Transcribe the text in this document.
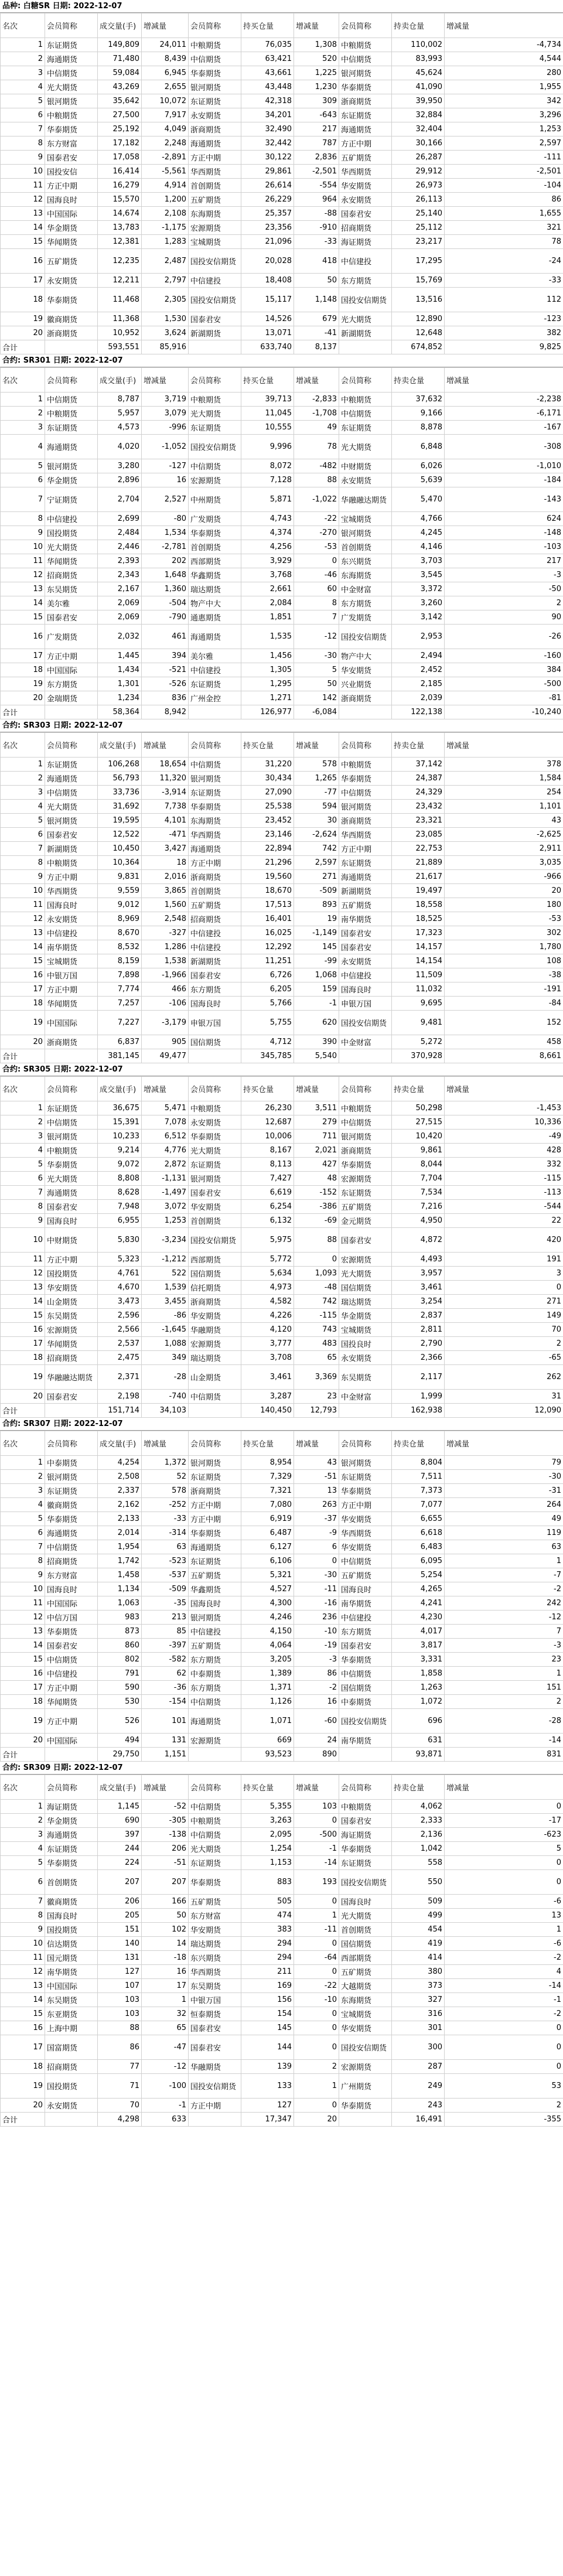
品种: 白糖SR 日期: 2022-12-07
名次	会员简称	成交量(手)	增减量	会员简称	持买仓量	增减量	会员简称	持卖仓量	增减量
1	东证期货	149,809	24,011	中粮期货	76,035	1,308	中粮期货	110,002	-4,734
2	海通期货	71,480	8,439	中信期货	63,421	520	中信期货	83,993	4,544
3	中信期货	59,084	6,945	华泰期货	43,661	1,225	银河期货	45,624	280
4	光大期货	43,269	2,655	银河期货	43,448	1,230	华泰期货	41,090	1,955
5	银河期货	35,642	10,072	东证期货	42,318	309	浙商期货	39,950	342
6	中粮期货	27,500	7,917	永安期货	34,201	-643	东证期货	32,884	3,296
7	华泰期货	25,192	4,049	浙商期货	32,490	217	海通期货	32,404	1,253
8	东方财富	17,182	2,248	海通期货	32,442	787	方正中期	30,166	2,597
9	国泰君安	17,058	-2,891	方正中期	30,122	2,836	五矿期货	26,287	-111
10	国投安信	16,414	-5,561	华西期货	29,861	-2,501	华西期货	29,912	-2,501
11	方正中期	16,279	4,914	首创期货	26,614	-554	华安期货	26,973	-104
12	国海良时	15,570	1,200	五矿期货	26,229	964	永安期货	26,113	86
13	中国国际	14,674	2,108	东海期货	25,357	-88	国泰君安	25,140	1,655
14	华金期货	13,783	-1,175	宏源期货	23,356	-910	招商期货	25,112	321
15	华闻期货	12,381	1,283	宝城期货	21,096	-33	海证期货	23,217	78
16	五矿期货	12,235	2,487	国投安信期货	20,028	418	中信建投	17,295	-24
17	永安期货	12,211	2,797	中信建投	18,408	50	东方期货	15,769	-33
18	华泰期货	11,468	2,305	国投安信期货	15,117	1,148	国投安信期货	13,516	112
19	徽商期货	11,368	1,530	国泰君安	14,526	679	光大期货	12,890	-123
20	浙商期货	10,952	3,624	新湖期货	13,071	-41	新湖期货	12,648	382
合计		593,551	85,916		633,740	8,137		674,852	9,825
合约: SR301 日期: 2022-12-07
名次	会员简称	成交量(手)	增减量	会员简称	持买仓量	增减量	会员简称	持卖仓量	增减量
1	中信期货	8,787	3,719	中粮期货	39,713	-2,833	中粮期货	37,632	-2,238
2	中粮期货	5,957	3,079	光大期货	11,045	-1,708	中信期货	9,166	-6,171
3	东证期货	4,573	-996	东证期货	10,555	49	东证期货	8,878	-167
4	海通期货	4,020	-1,052	国投安信期货	9,996	78	光大期货	6,848	-308
5	银河期货	3,280	-127	中信期货	8,072	-482	中财期货	6,026	-1,010
6	华金期货	2,896	16	宏源期货	7,128	88	永安期货	5,639	-184
7	宁证期货	2,704	2,527	中州期货	5,871	-1,022	华融融达期货	5,470	-143
8	中信建投	2,699	-80	广发期货	4,743	-22	宝城期货	4,766	624
9	国投期货	2,484	1,534	华泰期货	4,374	-270	银河期货	4,245	-148
10	光大期货	2,446	-2,781	首创期货	4,256	-53	首创期货	4,146	-103
11	华闻期货	2,393	202	西部期货	3,929	0	东兴期货	3,703	217
12	招商期货	2,343	1,648	华鑫期货	3,768	-46	东海期货	3,545	-3
13	东吴期货	2,167	1,360	瑞达期货	2,661	60	中金财富	3,372	-50
14	美尔雅	2,069	-504	物产中大	2,084	8	东方期货	3,260	2
15	国泰君安	2,069	-790	通惠期货	1,851	7	广发期货	3,142	90
16	广发期货	2,032	461	海通期货	1,535	-12	国投安信期货	2,953	-26
17	方正中期	1,445	394	美尔雅	1,456	-30	物产中大	2,494	-160
18	中国国际	1,434	-521	中信建投	1,305	5	华安期货	2,452	384
19	东方期货	1,301	-526	东证期货	1,295	50	兴业期货	2,185	-500
20	金瑞期货	1,234	836	广州金控	1,271	142	浙商期货	2,039	-81
合计		58,364	8,942		126,977	-6,084		122,138	-10,240
合约: SR303 日期: 2022-12-07
名次	会员简称	成交量(手)	增减量	会员简称	持买仓量	增减量	会员简称	持卖仓量	增减量
1	东证期货	106,268	18,654	中信期货	31,220	578	中粮期货	37,142	378
2	海通期货	56,793	11,320	银河期货	30,434	1,265	华泰期货	24,387	1,584
3	中信期货	33,736	-3,914	东证期货	27,090	-77	中信期货	24,329	254
4	光大期货	31,692	7,738	华泰期货	25,538	594	银河期货	23,432	1,101
5	银河期货	19,595	4,101	东海期货	23,452	30	浙商期货	23,321	43
6	国泰君安	12,522	-471	华西期货	23,146	-2,624	华西期货	23,085	-2,625
7	新湖期货	10,450	3,427	海通期货	22,894	742	方正中期	22,753	2,911
8	中粮期货	10,364	18	方正中期	21,296	2,597	东证期货	21,889	3,035
9	方正中期	9,831	2,016	浙商期货	19,560	271	海通期货	21,617	-966
10	华西期货	9,559	3,865	首创期货	18,670	-509	新湖期货	19,497	20
11	国海良时	9,012	1,560	五矿期货	17,513	893	五矿期货	18,558	180
12	永安期货	8,969	2,548	招商期货	16,401	19	南华期货	18,525	-53
13	中信建投	8,670	-327	中信建投	16,025	-1,149	国泰君安	17,323	302
14	南华期货	8,532	1,286	中信建投	12,292	145	国泰君安	14,157	1,780
15	宝城期货	8,159	1,538	新湖期货	11,251	-99	永安期货	14,154	108
16	中银万国	7,898	-1,966	国泰君安	6,726	1,068	中信建投	11,509	-38
17	方正中期	7,774	466	东方期货	6,205	159	国海良时	11,032	-191
18	华闻期货	7,257	-106	国海良时	5,766	-1	申银万国	9,695	-84
19	中国国际	7,227	-3,179	申银万国	5,755	620	国投安信期货	9,481	152
20	浙商期货	6,837	905	国信期货	4,712	390	中金财富	5,272	458
合计		381,145	49,477		345,785	5,540		370,928	8,661
合约: SR305 日期: 2022-12-07
名次	会员简称	成交量(手)	增减量	会员简称	持买仓量	增减量	会员简称	持卖仓量	增减量
1	东证期货	36,675	5,471	中粮期货	26,230	3,511	中粮期货	50,298	-1,453
2	中信期货	15,391	7,078	永安期货	12,687	279	中信期货	27,515	10,336
3	银河期货	10,233	6,512	华泰期货	10,006	711	银河期货	10,420	-49
4	中粮期货	9,214	4,776	光大期货	8,167	2,021	浙商期货	9,861	428
5	华泰期货	9,072	2,872	东证期货	8,113	427	华泰期货	8,044	332
6	光大期货	8,808	-1,131	银河期货	7,427	48	宏源期货	7,704	-115
7	海通期货	8,628	-1,497	国泰君安	6,619	-152	东证期货	7,534	-113
8	国泰君安	7,948	3,072	华安期货	6,254	-386	五矿期货	7,216	-544
9	国海良时	6,955	1,253	首创期货	6,132	-69	金元期货	4,950	22
10	中财期货	5,830	-3,234	国投安信期货	5,975	88	国泰君安	4,872	420
11	方正中期	5,323	-1,212	西部期货	5,772	0	宏源期货	4,493	191
12	国投期货	4,761	522	国信期货	5,634	1,093	光大期货	3,957	3
13	华安期货	4,670	1,539	信托期货	4,973	-48	国信期货	3,461	0
14	山金期货	3,473	3,455	浙商期货	4,582	742	瑞达期货	3,254	271
15	东吴期货	2,596	-86	华安期货	4,226	-115	华金期货	2,837	149
16	宏源期货	2,566	-1,645	华融期货	4,120	743	宝城期货	2,811	70
17	华闻期货	2,537	1,088	宏源期货	3,777	483	国投良时	2,790	2
18	招商期货	2,475	349	瑞达期货	3,708	65	永安期货	2,366	-65
19	华融融达期货	2,371	-28	山金期货	3,461	3,369	东吴期货	2,117	262
20	国泰君安	2,198	-740	中信期货	3,287	23	中金财富	1,999	31
合计		151,714	34,103		140,450	12,793		162,938	12,090
合约: SR307 日期: 2022-12-07
名次	会员简称	成交量(手)	增减量	会员简称	持买仓量	增减量	会员简称	持卖仓量	增减量
1	中泰期货	4,254	1,372	银河期货	8,954	43	银河期货	8,804	79
2	银河期货	2,508	52	东证期货	7,329	-51	东证期货	7,511	-30
3	东证期货	2,337	578	浙商期货	7,321	13	华泰期货	7,373	-31
4	徽商期货	2,162	-252	方正中期	7,080	263	方正中期	7,077	264
5	华泰期货	2,133	-33	方正中期	6,919	-37	华安期货	6,655	49
6	海通期货	2,014	-314	华泰期货	6,487	-9	华西期货	6,618	119
7	中信期货	1,954	63	海通期货	6,127	6	华安期货	6,483	63
8	招商期货	1,742	-523	东证期货	6,106	0	中信期货	6,095	1
9	东方财富	1,458	-537	五矿期货	5,321	-30	五矿期货	5,254	-7
10	国海良时	1,134	-509	华鑫期货	4,527	-11	国海良时	4,265	-2
11	中国国际	1,063	-35	国海良时	4,300	-16	南华期货	4,241	242
12	中信万国	983	213	银河期货	4,246	236	中信建投	4,230	-12
13	华泰期货	873	85	中信建投	4,150	-10	东方期货	4,017	7
14	国泰君安	860	-397	五矿期货	4,064	-19	国泰君安	3,817	-3
15	中信期货	802	-582	东方期货	3,205	-3	华泰期货	3,331	23
16	中信建投	791	62	中泰期货	1,389	86	中信期货	1,858	1
17	方正中期	590	-36	东方期货	1,371	-2	国信期货	1,263	151
18	华闻期货	530	-154	中信期货	1,126	16	中泰期货	1,072	2
19	方正中期	526	101	海通期货	1,071	-60	国投安信期货	696	-28
20	中国国际	494	131	宏源期货	669	24	南华期货	631	-14
合计		29,750	1,151		93,523	890		93,871	831
合约: SR309 日期: 2022-12-07
名次	会员简称	成交量(手)	增减量	会员简称	持买仓量	增减量	会员简称	持卖仓量	增减量
1	海证期货	1,145	-52	中信期货	5,355	103	中粮期货	4,062	0
2	华金期货	690	-305	中粮期货	3,263	0	国泰君安	2,333	-17
3	海通期货	397	-138	中信期货	2,095	-500	海证期货	2,136	-623
4	东证期货	244	206	光大期货	1,254	-1	华泰期货	1,042	5
5	华泰期货	224	-51	东证期货	1,153	-14	东证期货	558	0
6	首创期货	207	207	华泰期货	883	193	国投安信期货	550	0
7	徽商期货	206	166	五矿期货	505	0	国海良时	509	-6
8	国海良时	205	50	东方财富	474	1	光大期货	499	13
9	国投期货	151	102	华安期货	383	-11	首创期货	454	1
10	信达期货	140	14	瑞达期货	294	0	国信期货	419	-6
11	国元期货	131	-18	东兴期货	294	-64	西部期货	414	-2
12	南华期货	127	16	华西期货	211	0	五矿期货	380	4
13	中国国际	107	17	东吴期货	169	-22	大越期货	373	-14
14	东吴期货	103	1	中银万国	156	-10	东海期货	327	-1
15	东亚期货	103	32	恒泰期货	154	0	宝城期货	316	-2
16	上海中期	88	65	国泰君安	145	0	华安期货	301	0
17	国富期货	86	-47	国泰君安	144	0	国投安信期货	300	0
18	招商期货	77	-12	华融期货	139	2	宏源期货	287	0
19	国投期货	71	-100	国投安信期货	133	1	广州期货	249	53
20	永安期货	70	-1	方正中期	127	0	华泰期货	243	2
合计		4,298	633		17,347	20		16,491	-355
